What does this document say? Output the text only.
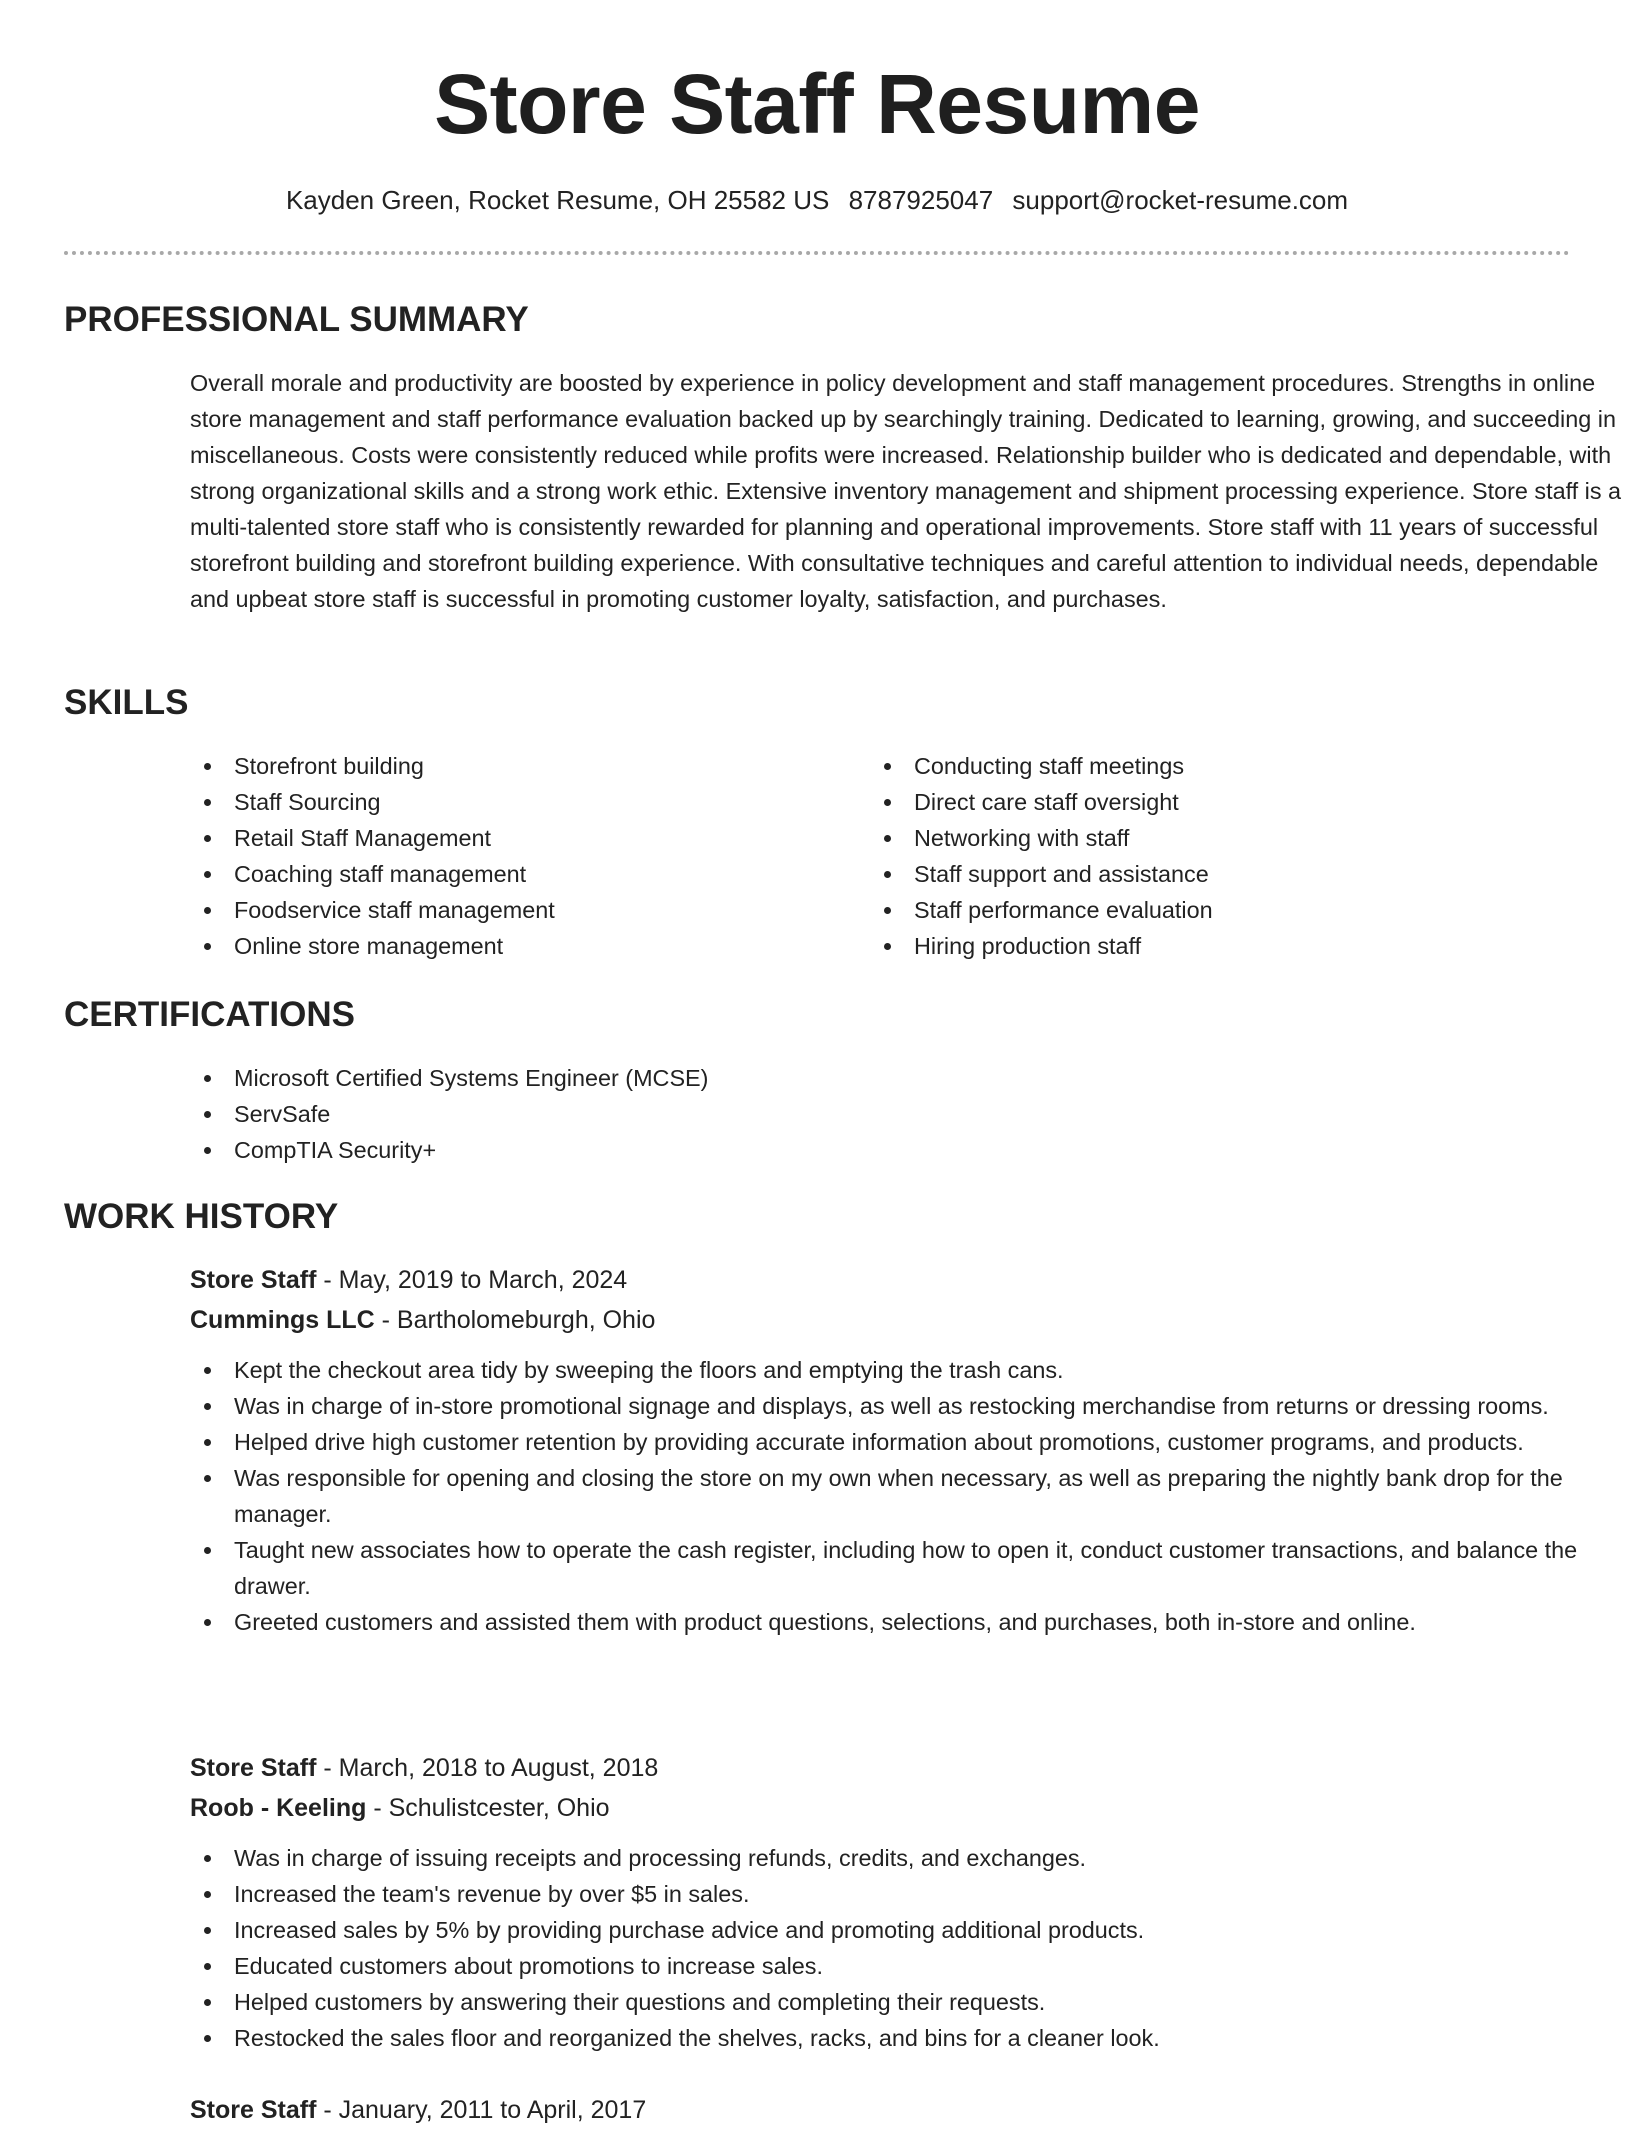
Store Staff Resume
Kayden Green, Rocket Resume, OH 25582 US 8787925047 support@rocket-resume.com
PROFESSIONAL SUMMARY

Overall morale and productivity are boosted by experience in policy development and staff management procedures. Strengths in online store management and staff performance evaluation backed up by searchingly training. Dedicated to learning, growing, and succeeding in miscellaneous. Costs were consistently reduced while profits were increased. Relationship builder who is dedicated and dependable, with strong organizational skills and a strong work ethic. Extensive inventory management and shipment processing experience. Store staff is a multi-talented store staff who is consistently rewarded for planning and operational improvements. Store staff with 11 years of successful storefront building and storefront building experience. With consultative techniques and careful attention to individual needs, dependable and upbeat store staff is successful in promoting customer loyalty, satisfaction, and purchases.

SKILLS
Storefront building
Staff Sourcing
Retail Staff Management
Coaching staff management
Foodservice staff management
Online store management
Conducting staff meetings
Direct care staff oversight
Networking with staff
Staff support and assistance
Staff performance evaluation
Hiring production staff
CERTIFICATIONS
Microsoft Certified Systems Engineer (MCSE)
ServSafe
CompTIA Security+
WORK HISTORY
Store Staff - May, 2019 to March, 2024
Cummings LLC - Bartholomeburgh, Ohio
Kept the checkout area tidy by sweeping the floors and emptying the trash cans.
Was in charge of in-store promotional signage and displays, as well as restocking merchandise from returns or dressing rooms.
Helped drive high customer retention by providing accurate information about promotions, customer programs, and products.
Was responsible for opening and closing the store on my own when necessary, as well as preparing the nightly bank drop for the manager.
Taught new associates how to operate the cash register, including how to open it, conduct customer transactions, and balance the drawer.
Greeted customers and assisted them with product questions, selections, and purchases, both in-store and online.
Store Staff - March, 2018 to August, 2018
Roob - Keeling - Schulistcester, Ohio
Was in charge of issuing receipts and processing refunds, credits, and exchanges.
Increased the team's revenue by over $5 in sales.
Increased sales by 5% by providing purchase advice and promoting additional products.
Educated customers about promotions to increase sales.
Helped customers by answering their questions and completing their requests.
Restocked the sales floor and reorganized the shelves, racks, and bins for a cleaner look.
Store Staff - January, 2011 to April, 2017
